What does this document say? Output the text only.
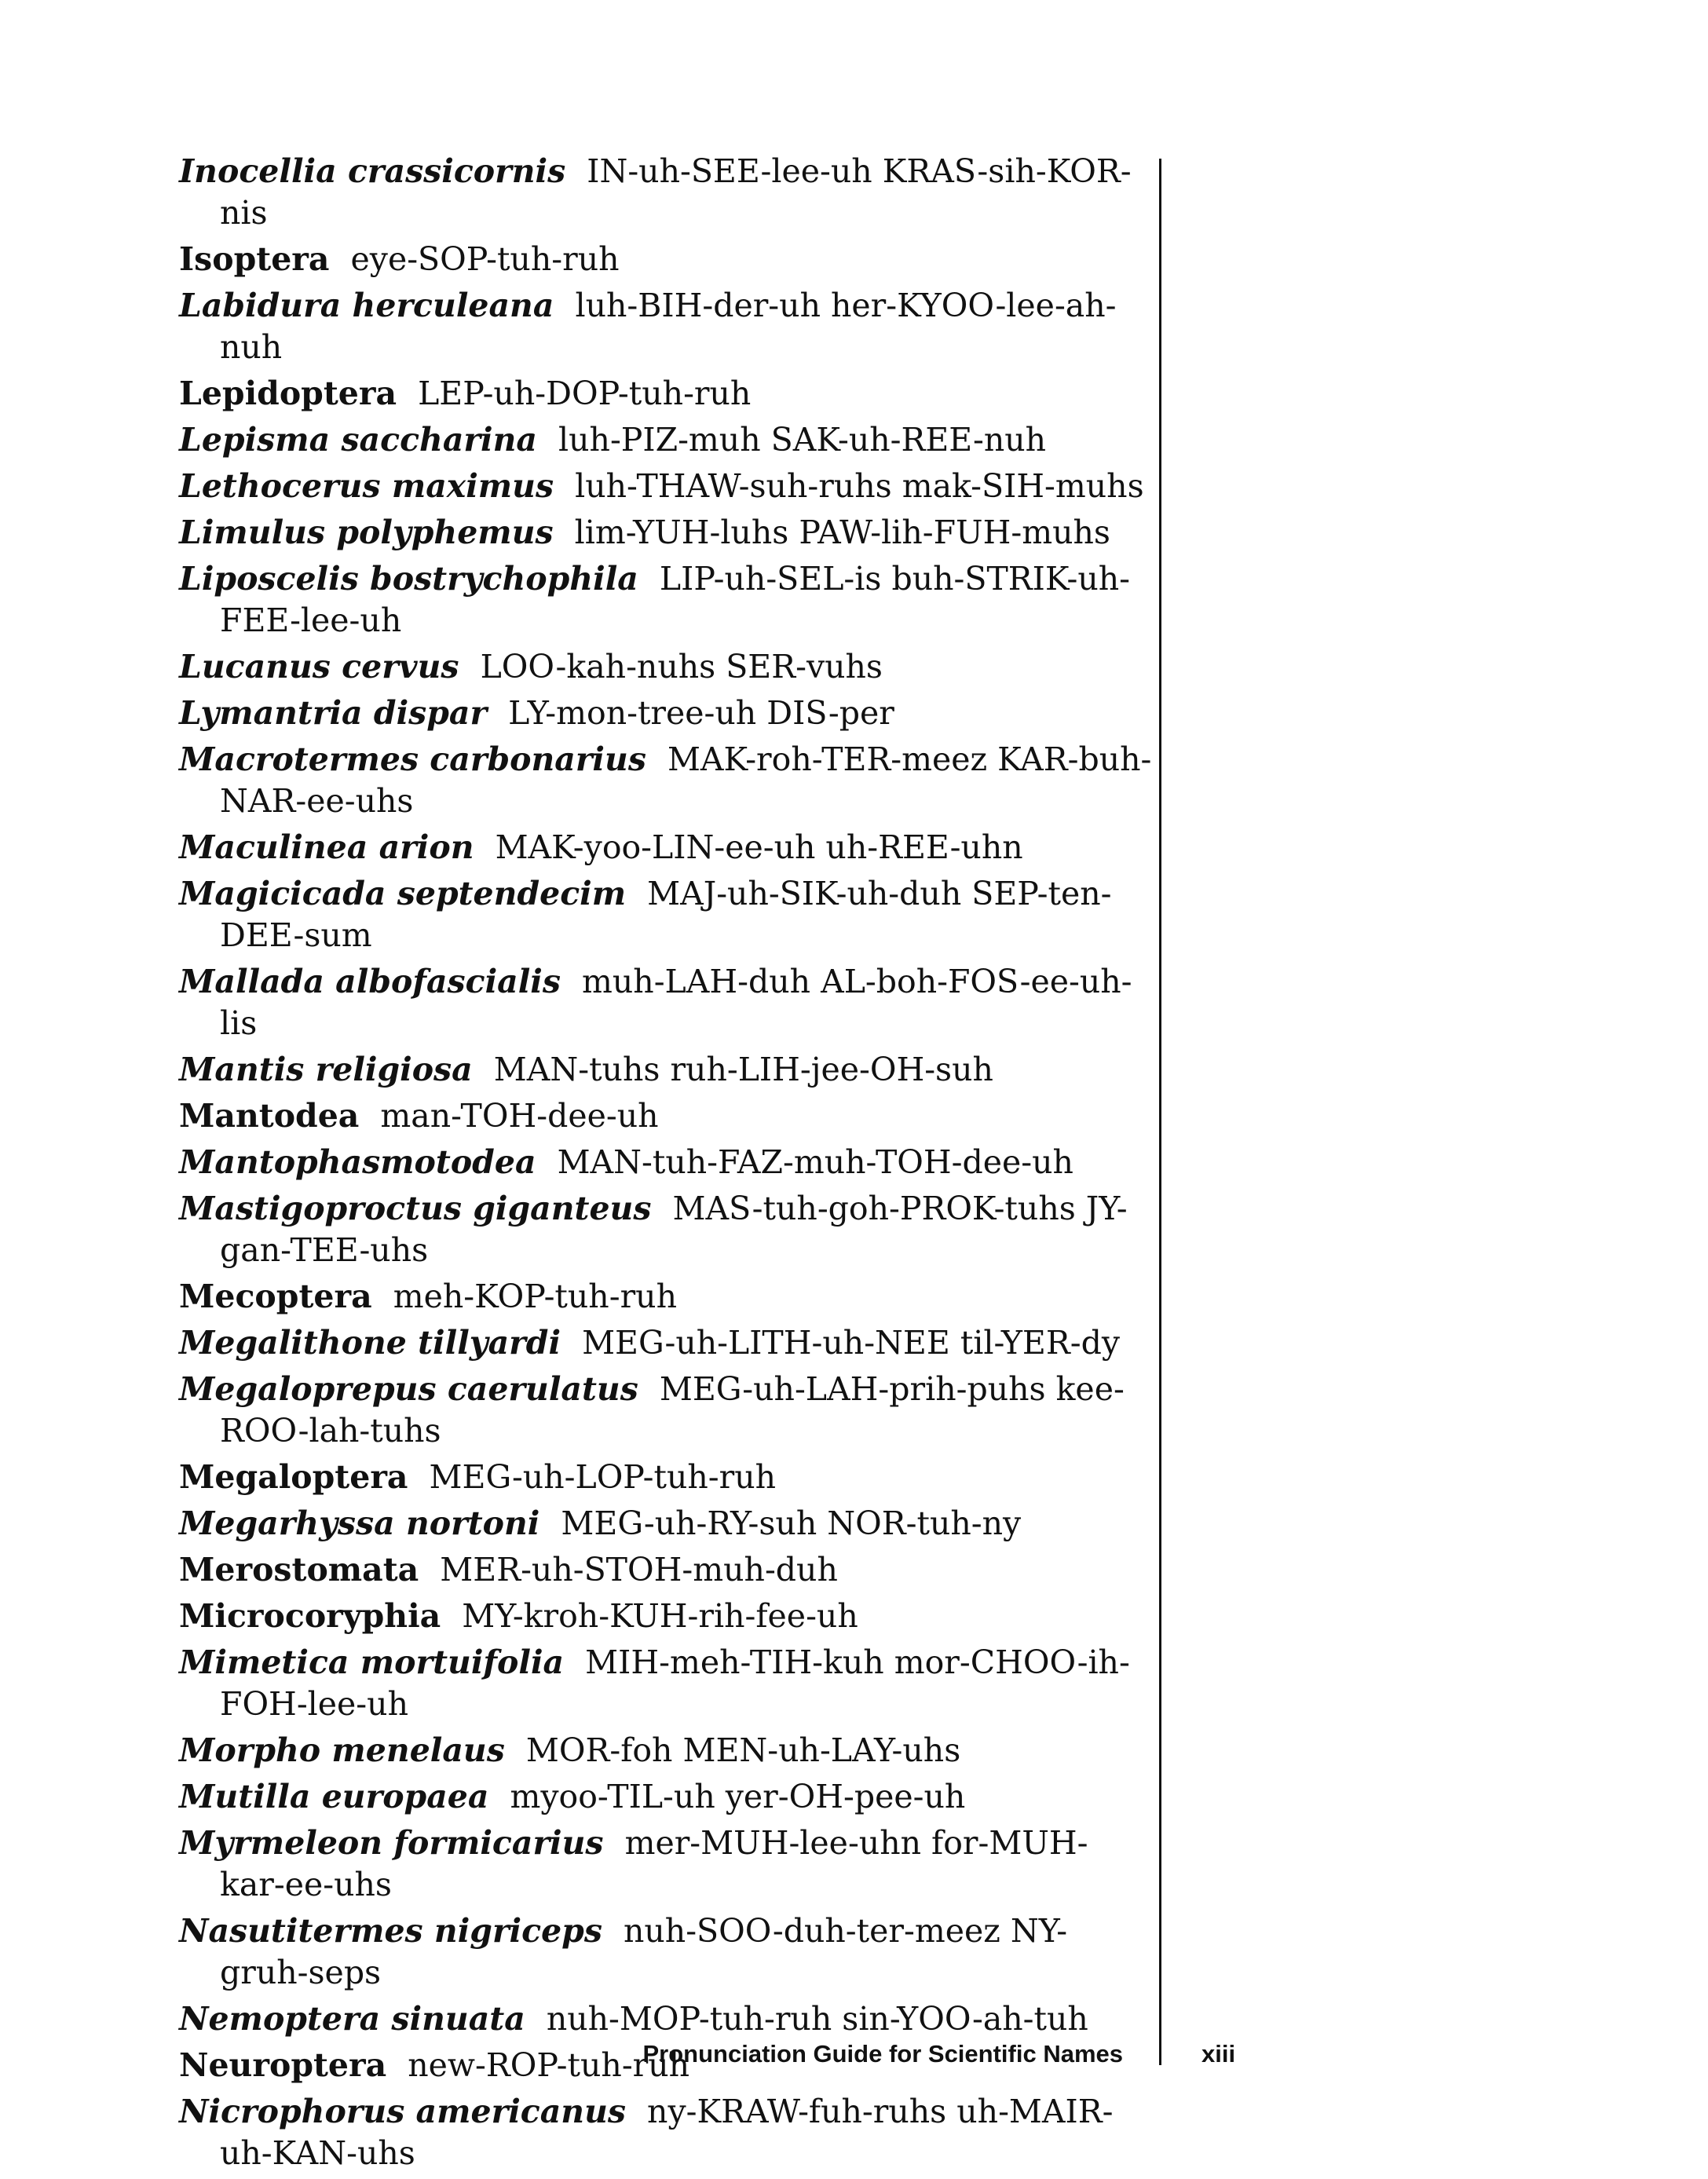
Inocellia crassicornis IN-uh-SEE-lee-uh KRAS-sih-KOR-nis
Isoptera eye-SOP-tuh-ruh
Labidura herculeana luh-BIH-der-uh her-KYOO-lee-ah-nuh
Lepidoptera LEP-uh-DOP-tuh-ruh
Lepisma saccharina luh-PIZ-muh SAK-uh-REE-nuh
Lethocerus maximus luh-THAW-suh-ruhs mak-SIH-muhs
Limulus polyphemus lim-YUH-luhs PAW-lih-FUH-muhs
Liposcelis bostrychophila LIP-uh-SEL-is buh-STRIK-uh-FEE-lee-uh
Lucanus cervus LOO-kah-nuhs SER-vuhs
Lymantria dispar LY-mon-tree-uh DIS-per
Macrotermes carbonarius MAK-roh-TER-meez KAR-buh-NAR-ee-uhs
Maculinea arion MAK-yoo-LIN-ee-uh uh-REE-uhn
Magicicada septendecim MAJ-uh-SIK-uh-duh SEP-ten-DEE-sum
Mallada albofascialis muh-LAH-duh AL-boh-FOS-ee-uh-lis
Mantis religiosa MAN-tuhs ruh-LIH-jee-OH-suh
Mantodea man-TOH-dee-uh
Mantophasmotodea MAN-tuh-FAZ-muh-TOH-dee-uh
Mastigoproctus giganteus MAS-tuh-goh-PROK-tuhs JY-gan-TEE-uhs
Mecoptera meh-KOP-tuh-ruh
Megalithone tillyardi MEG-uh-LITH-uh-NEE til-YER-dy
Megaloprepus caerulatus MEG-uh-LAH-prih-puhs kee-ROO-lah-tuhs
Megaloptera MEG-uh-LOP-tuh-ruh
Megarhyssa nortoni MEG-uh-RY-suh NOR-tuh-ny
Merostomata MER-uh-STOH-muh-duh
Microcoryphia MY-kroh-KUH-rih-fee-uh
Mimetica mortuifolia MIH-meh-TIH-kuh mor-CHOO-ih-FOH-lee-uh
Morpho menelaus MOR-foh MEN-uh-LAY-uhs
Mutilla europaea myoo-TIL-uh yer-OH-pee-uh
Myrmeleon formicarius mer-MUH-lee-uhn for-MUH-kar-ee-uhs
Nasutitermes nigriceps nuh-SOO-duh-ter-meez NY-gruh-seps
Nemoptera sinuata nuh-MOP-tuh-ruh sin-YOO-ah-tuh
Neuroptera new-ROP-tuh-ruh
Nicrophorus americanus ny-KRAW-fuh-ruhs uh-MAIR-uh-KAN-uhs
Pronunciation Guide for Scientific Names	xiii
